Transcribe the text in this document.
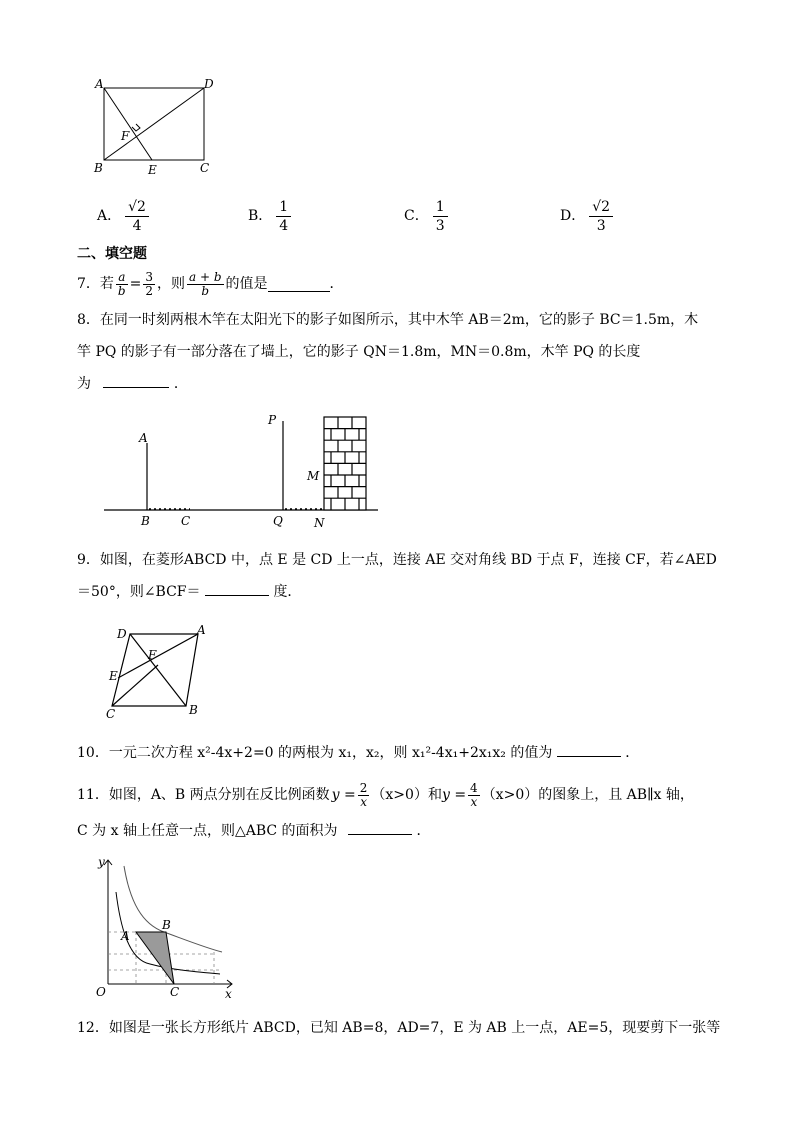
A	D
F
B	E	C
A． $\frac{√2}{4}$	B． $\frac{1}{4}$	C． $\frac{1}{3}$	D． $\frac{√2}{3}$
二、填空题
7．若 $\frac{a}{b} = \frac{3}{2}$ ，则 $\frac{a + b}{b}$ 的值是	．
8．在同一时刻两根木竿在太阳光下的影子如图所示，其中木竿 AB＝2m，它的影子 BC＝1.5m，木
竿 PQ 的影子有一部分落在了墙上，它的影子 QN＝1.8m，MN＝0.8m，木竿 PQ 的长度
为	．
A
B	C
P
Q
M
N
9．如图，在菱形ABCD 中，点 E 是 CD 上一点，连接 AE 交对角线 BD 于点 F，连接 CF，若∠AED
＝50°，则∠BCF＝	度．
D	A
F
E
C	B
10．一元二次方程 x²-4x+2=0 的两根为 x₁，x₂，则 x₁²-4x₁+2x₁x₂ 的值为	．
11．如图，A、B 两点分别在反比例函数 $y = \frac{2}{x} (x>0)$和 $y = \frac{4}{x} (x>0)$的图象上，且 AB∥x 轴，
C 为 x 轴上任意一点，则△ABC 的面积为	．
y
A
B
O	C	x
12．如图是一张长方形纸片 ABCD，已知 AB=8，AD=7，E 为 AB 上一点，AE=5，现要剪下一张等
